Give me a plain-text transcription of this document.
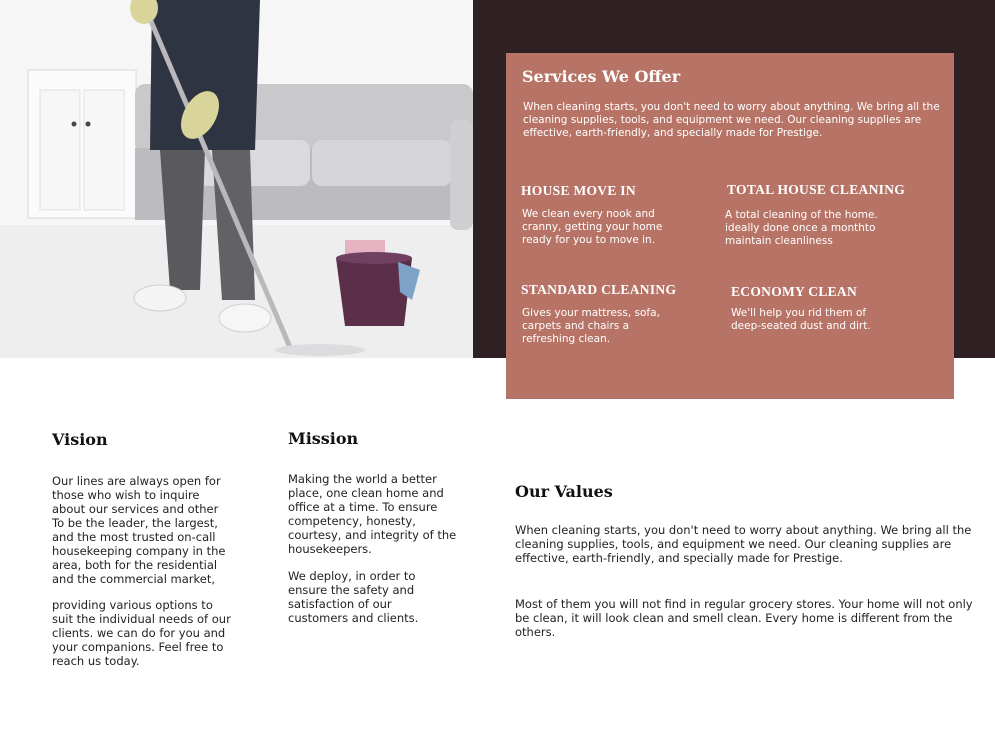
Services We Offer

When cleaning starts, you don't need to worry about anything. We bring all the cleaning supplies, tools, and equipment we need. Our cleaning supplies are effective, earth-friendly, and specially made for Prestige.

HOUSE MOVE IN

We clean every nook and cranny, getting your home ready for you to move in.

TOTAL HOUSE CLEANING

A total cleaning of the home. ideally done once a monthto maintain cleanliness

STANDARD CLEANING

Gives your mattress, sofa, carpets and chairs a refreshing clean.

ECONOMY CLEAN

We'll help you rid them of deep-seated dust and dirt.

Vision

Our lines are always open for those who wish to inquire about our services and other To be the leader, the largest, and the most trusted on-call housekeeping company in the area, both for the residential and the commercial market,

providing various options to suit the individual needs of our clients. we can do for you and your companions. Feel free to reach us today.

Mission

Making the world a better place, one clean home and office at a time. To ensure competency, honesty, courtesy, and integrity of the housekeepers.

We deploy, in order to ensure the safety and satisfaction of our customers and clients.

Our Values

When cleaning starts, you don't need to worry about anything. We bring all the cleaning supplies, tools, and equipment we need. Our cleaning supplies are effective, earth-friendly, and specially made for Prestige.

Most of them you will not find in regular grocery stores. Your home will not only be clean, it will look clean and smell clean. Every home is different from the others.
